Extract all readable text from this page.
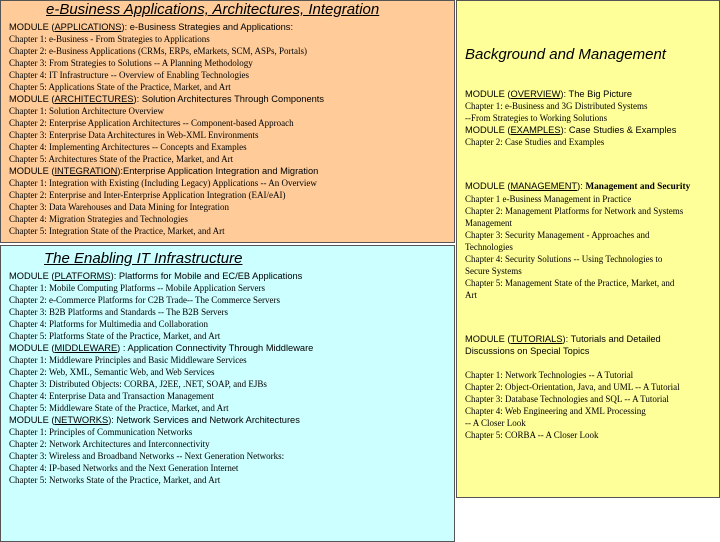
e-Business Applications, Architectures, Integration
MODULE (APPLICATIONS): e-Business Strategies and Applications:
Chapter 1: e-Business - From Strategies to Applications
Chapter 2: e-Business Applications (CRMs, ERPs, eMarkets, SCM, ASPs, Portals)
Chapter 3: From Strategies to Solutions -- A Planning Methodology
Chapter 4: IT Infrastructure -- Overview of Enabling Technologies
Chapter 5: Applications State of the Practice, Market, and Art
MODULE (ARCHITECTURES): Solution Architectures Through Components
Chapter 1: Solution Architecture Overview
Chapter 2: Enterprise Application Architectures -- Component-based Approach
Chapter 3: Enterprise Data Architectures in Web-XML Environments
Chapter 4: Implementing Architectures -- Concepts and Examples
Chapter 5: Architectures State of the Practice, Market, and Art
MODULE (INTEGRATION):Enterprise Application Integration and Migration
Chapter 1: Integration with Existing (Including Legacy) Applications -- An Overview
Chapter 2: Enterprise and Inter-Enterprise Application Integration (EAI/eAI)
Chapter 3: Data Warehouses and Data Mining for Integration
Chapter 4: Migration Strategies and Technologies
Chapter 5: Integration State of the Practice, Market, and Art
The Enabling IT Infrastructure
MODULE (PLATFORMS): Platforms for Mobile and EC/EB Applications
Chapter 1: Mobile Computing Platforms -- Mobile Application Servers
Chapter 2: e-Commerce Platforms for C2B Trade-- The Commerce Servers
Chapter 3: B2B Platforms and Standards -- The B2B Servers
Chapter 4: Platforms for Multimedia and Collaboration
Chapter 5: Platforms State of the Practice, Market, and Art
MODULE (MIDDLEWARE) : Application Connectivity Through Middleware
Chapter 1: Middleware Principles and Basic Middleware Services
Chapter 2: Web, XML, Semantic Web, and Web Services
Chapter 3: Distributed Objects: CORBA, J2EE, .NET, SOAP, and EJBs
Chapter 4: Enterprise Data and Transaction Management
Chapter 5: Middleware State of the Practice, Market, and Art
MODULE (NETWORKS): Network Services and Network Architectures
Chapter 1: Principles of Communication Networks
Chapter 2: Network Architectures and Interconnectivity
Chapter 3: Wireless and Broadband Networks -- Next Generation Networks:
Chapter 4: IP-based Networks and the Next Generation Internet
Chapter 5: Networks State of the Practice, Market, and Art
Background and Management
MODULE (OVERVIEW): The Big Picture
Chapter 1: e-Business and 3G Distributed Systems
--From Strategies to Working Solutions
MODULE (EXAMPLES): Case Studies & Examples
Chapter 2: Case Studies and Examples
MODULE (MANAGEMENT): Management and Security
Chapter 1 e-Business Management in Practice
Chapter 2: Management Platforms for Network and Systems
Management
Chapter 3: Security Management - Approaches and
Technologies
Chapter 4: Security Solutions -- Using Technologies to
Secure Systems
Chapter 5: Management State of the Practice, Market, and
Art
MODULE (TUTORIALS): Tutorials and Detailed
Discussions on Special Topics
Chapter 1: Network Technologies -- A Tutorial
Chapter 2: Object-Orientation, Java, and UML -- A Tutorial
Chapter 3: Database Technologies and SQL -- A Tutorial
Chapter 4: Web Engineering and XML Processing
-- A Closer Look
Chapter 5: CORBA -- A Closer Look
